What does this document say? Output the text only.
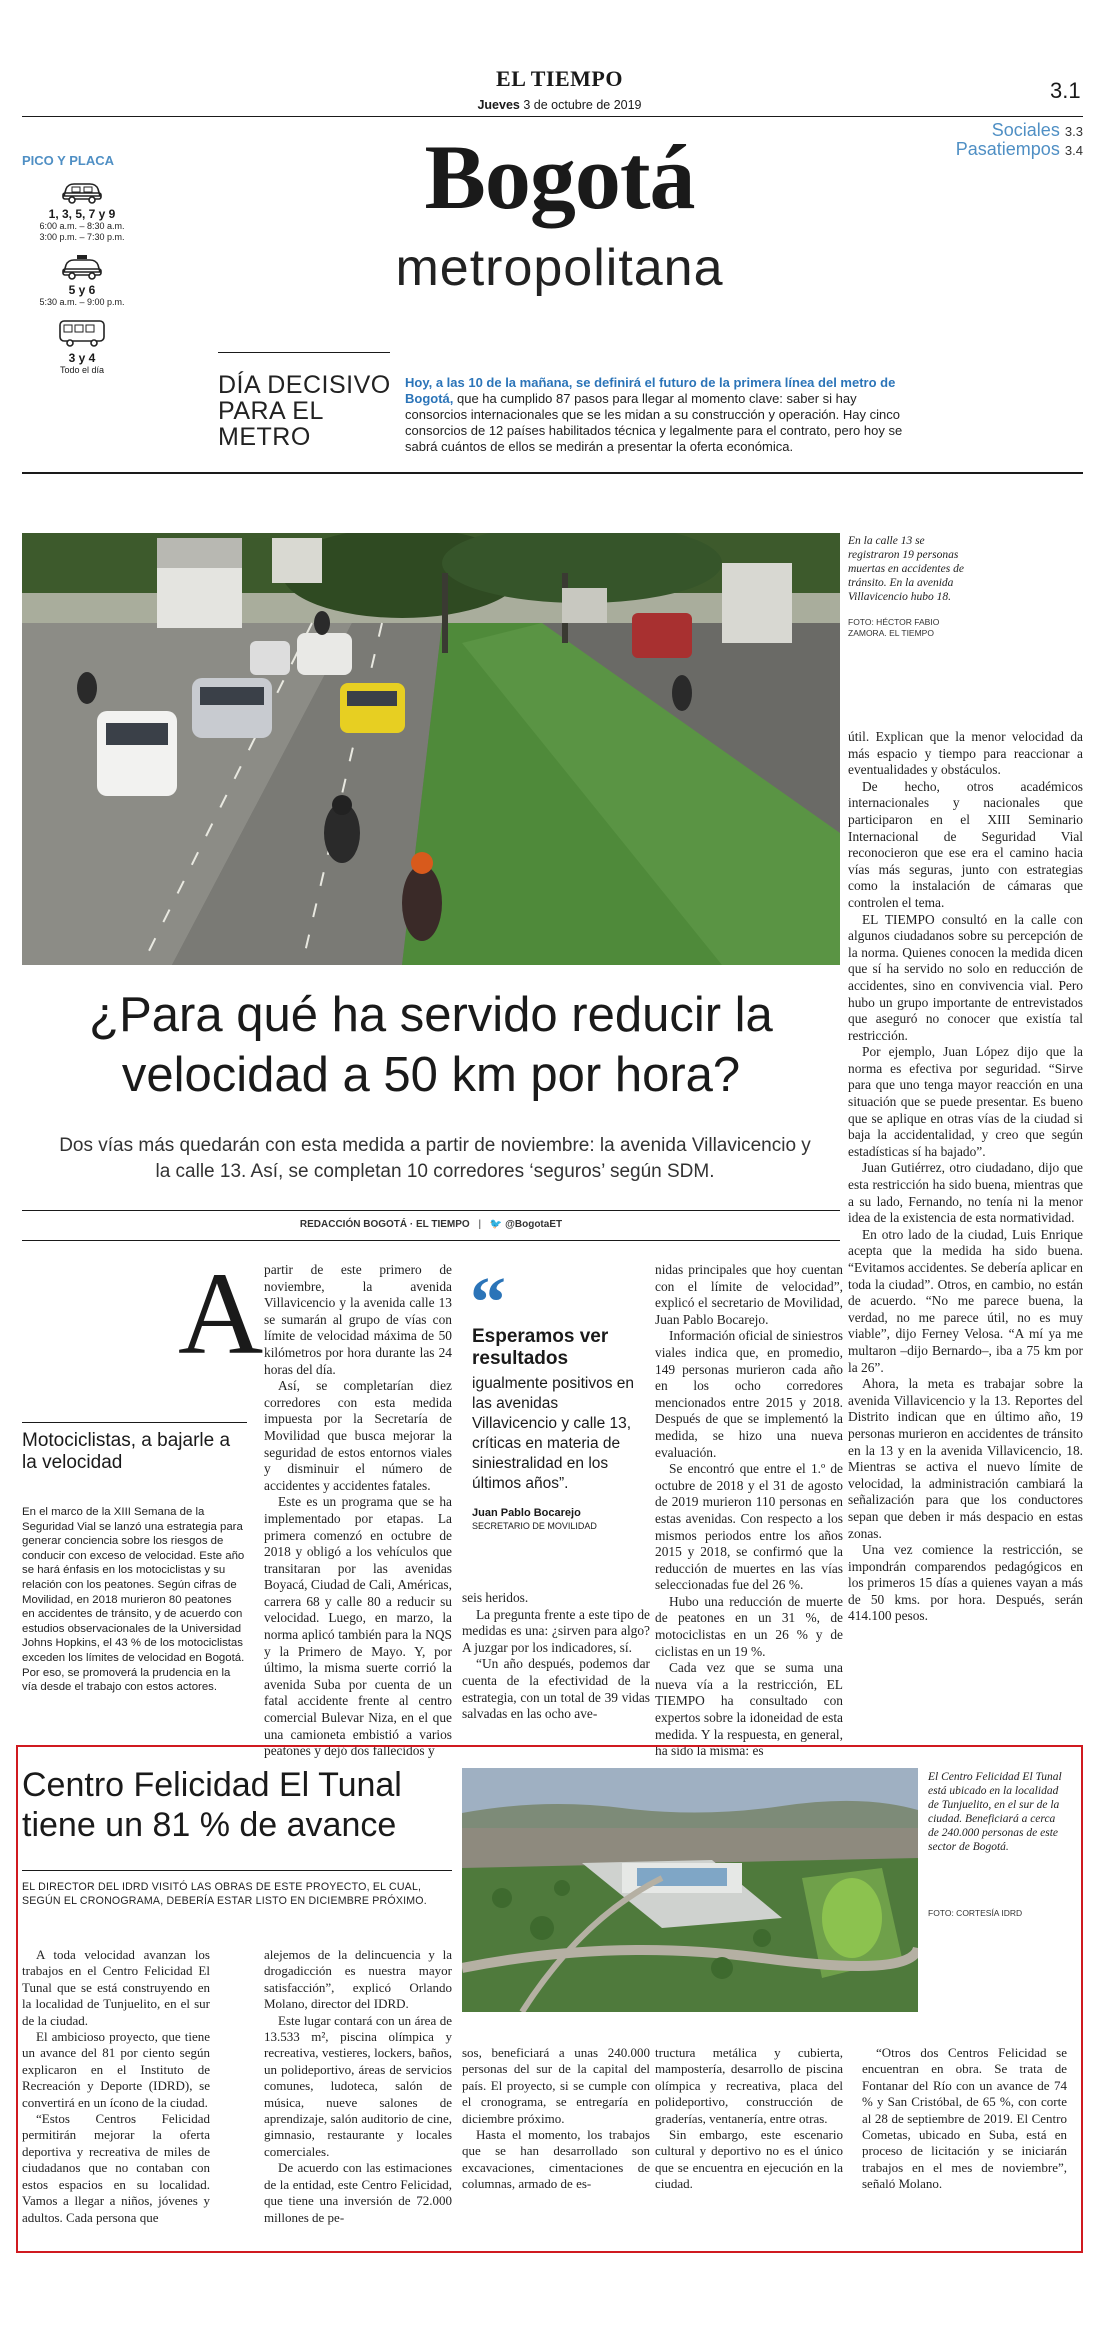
EL TIEMPO
Jueves 3 de octubre de 2019
3.1
Sociales 3.3
Pasatiempos 3.4
Bogotá
metropolitana
PICO Y PLACA
1, 3, 5, 7 y 9
6:00 a.m. – 8:30 a.m.
3:00 p.m. – 7:30 p.m.
5 y 6
5:30 a.m. – 9:00 p.m.
3 y 4
Todo el día
DÍA DECISIVO PARA EL METRO
Hoy, a las 10 de la mañana, se definirá el futuro de la primera línea del metro de Bogotá, que ha cumplido 87 pasos para llegar al momento clave: saber si hay consorcios internacionales que se les midan a su construcción y operación. Hay cinco consorcios de 12 países habilitados técnica y legalmente para el contrato, pero hoy se sabrá cuántos de ellos se medirán a presentar la oferta económica.
En la calle 13 se registraron 19 personas muertas en accidentes de tránsito. En la avenida Villavicencio hubo 18.
FOTO: HÉCTOR FABIO ZAMORA. EL TIEMPO
¿Para qué ha servido reducir la velocidad a 50 km por hora?
Dos vías más quedarán con esta medida a partir de noviembre: la avenida Villavicencio y la calle 13. Así, se completan 10 corredores ‘seguros’ según SDM.
REDACCIÓN BOGOTÁ · EL TIEMPO | 🐦 @BogotaET

útil. Explican que la menor velocidad da más espacio y tiempo para reaccionar a eventualidades y obstáculos.

De hecho, otros académicos internacionales y nacionales que participaron en el XIII Seminario Internacional de Seguridad Vial reconocieron que ese era el camino hacia vías más seguras, junto con estrategias como la instalación de cámaras que controlen el tema.

EL TIEMPO consultó en la calle con algunos ciudadanos sobre su percepción de la norma. Quienes conocen la medida dicen que sí ha servido no solo en reducción de accidentes, sino en convivencia vial. Pero hubo un grupo importante de entrevistados que aseguró no conocer que existía tal restricción.

Por ejemplo, Juan López dijo que la norma es efectiva por seguridad. “Sirve para que uno tenga mayor reacción en una situación que se puede presentar. Es bueno que se aplique en otras vías de la ciudad si baja la accidentalidad, y creo que según estadísticas sí ha bajado”.

Juan Gutiérrez, otro ciudadano, dijo que esta restricción ha sido buena, mientras que a su lado, Fernando, no tenía ni la menor idea de la existencia de esta normatividad.

En otro lado de la ciudad, Luis Enrique acepta que la medida ha sido buena. “Evitamos accidentes. Se debería aplicar en toda la ciudad”. Otros, en cambio, no están de acuerdo. “No me parece buena, la verdad, no me parece útil, no es muy viable”, dijo Ferney Velosa. “A mí ya me multaron –dijo Bernardo–, iba a 75 km por la 26”.

Ahora, la meta es trabajar sobre la avenida Villavicencio y la 13. Reportes del Distrito indican que en último año, 19 personas murieron en accidentes de tránsito en la 13 y en la avenida Villavicencio, 18. Mientras se activa el nuevo límite de velocidad, la administración cambiará la señalización para que los conductores sepan que deben ir más despacio en estas zonas.

Una vez comience la restricción, se impondrán comparendos pedagógicos en los primeros 15 días a quienes vayan a más de 50 kms. por hora. Después, serán 414.100 pesos.

Motociclistas, a bajarle a la velocidad

En el marco de la XIII Semana de la Seguridad Vial se lanzó una estrategia para generar conciencia sobre los riesgos de conducir con exceso de velocidad. Este año se hará énfasis en los motociclistas y su relación con los peatones. Según cifras de Movilidad, en 2018 murieron 80 peatones en accidentes de tránsito, y de acuerdo con estudios observacionales de la Universidad Johns Hopkins, el 43 % de los motociclistas exceden los límites de velocidad en Bogotá.

Por eso, se promoverá la prudencia en la vía desde el trabajo con estos actores.

A partir de este primero de noviembre, la avenida Villavicencio y la avenida calle 13 se sumarán al grupo de vías con límite de velocidad máxima de 50 kilómetros por hora durante las 24 horas del día.

Así, se completarían diez corredores con esta medida impuesta por la Secretaría de Movilidad que busca mejorar la seguridad de estos entornos viales y disminuir el número de accidentes y accidentes fatales.

Este es un programa que se ha implementado por etapas. La primera comenzó en octubre de 2018 y obligó a los vehículos que transitaran por las avenidas Boyacá, Ciudad de Cali, Américas, carrera 68 y calle 80 a reducir su velocidad. Luego, en marzo, la norma aplicó también para la NQS y la Primero de Mayo. Y, por último, la misma suerte corrió la avenida Suba por cuenta de un fatal accidente frente al centro comercial Bulevar Niza, en el que una camioneta embistió a varios peatones y dejó dos fallecidos y

“
Esperamos ver resultados
igualmente positivos en las avenidas Villavicencio y calle 13, críticas en materia de siniestralidad en los últimos años”.
Juan Pablo Bocarejo
SECRETARIO DE MOVILIDAD

seis heridos.

La pregunta frente a este tipo de medidas es una: ¿sirven para algo? A juzgar por los indicadores, sí.

“Un año después, podemos dar cuenta de la efectividad de la estrategia, con un total de 39 vidas salvadas en las ocho ave-

nidas principales que hoy cuentan con el límite de velocidad”, explicó el secretario de Movilidad, Juan Pablo Bocarejo.

Información oficial de siniestros viales indica que, en promedio, 149 personas murieron cada año en los ocho corredores mencionados entre 2015 y 2018. Después de que se implementó la medida, se hizo una nueva evaluación.

Se encontró que entre el 1.º de octubre de 2018 y el 31 de agosto de 2019 murieron 110 personas en estas avenidas. Con respecto a los mismos periodos entre los años 2015 y 2018, se confirmó que la reducción de muertes en las vías seleccionadas fue del 26 %.

Hubo una reducción de muerte de peatones en un 31 %, de motociclistas en un 26 % y de ciclistas en un 19 %.

Cada vez que se suma una nueva vía a la restricción, EL TIEMPO ha consultado con expertos sobre la idoneidad de esta medida. Y la respuesta, en general, ha sido la misma: es

Centro Felicidad El Tunal tiene un 81 % de avance
EL DIRECTOR DEL IDRD VISITÓ LAS OBRAS DE ESTE PROYECTO, EL CUAL, SEGÚN EL CRONOGRAMA, DEBERÍA ESTAR LISTO EN DICIEMBRE PRÓXIMO.
El Centro Felicidad El Tunal está ubicado en la localidad de Tunjuelito, en el sur de la ciudad. Beneficiará a cerca de 240.000 personas de este sector de Bogotá.
FOTO: CORTESÍA IDRD

A toda velocidad avanzan los trabajos en el Centro Felicidad El Tunal que se está construyendo en la localidad de Tunjuelito, en el sur de la ciudad.

El ambicioso proyecto, que tiene un avance del 81 por ciento según explicaron en el Instituto de Recreación y Deporte (IDRD), se convertirá en un ícono de la ciudad.

“Estos Centros Felicidad permitirán mejorar la oferta deportiva y recreativa de miles de ciudadanos que no contaban con estos espacios en su localidad. Vamos a llegar a niños, jóvenes y adultos. Cada persona que

alejemos de la delincuencia y la drogadicción es nuestra mayor satisfacción”, explicó Orlando Molano, director del IDRD.

Este lugar contará con un área de 13.533 m², piscina olímpica y recreativa, vestieres, lockers, baños, un polideportivo, áreas de servicios comunes, ludoteca, salón de música, nueve salones de aprendizaje, salón auditorio de cine, gimnasio, restaurante y locales comerciales.

De acuerdo con las estimaciones de la entidad, este Centro Felicidad, que tiene una inversión de 72.000 millones de pe-

sos, beneficiará a unas 240.000 personas del sur de la capital del país. El proyecto, si se cumple con el cronograma, se entregaría en diciembre próximo.

Hasta el momento, los trabajos que se han desarrollado son excavaciones, cimentaciones de columnas, armado de es-

tructura metálica y cubierta, mampostería, desarrollo de piscina olímpica y recreativa, placa del polideportivo, construcción de graderías, ventanería, entre otras.

Sin embargo, este escenario cultural y deportivo no es el único que se encuentra en ejecución en la ciudad.

“Otros dos Centros Felicidad se encuentran en obra. Se trata de Fontanar del Río con un avance de 74 % y San Cristóbal, de 65 %, con corte al 28 de septiembre de 2019. El Centro Cometas, ubicado en Suba, está en proceso de licitación y se iniciarán trabajos en el mes de noviembre”, señaló Molano.
